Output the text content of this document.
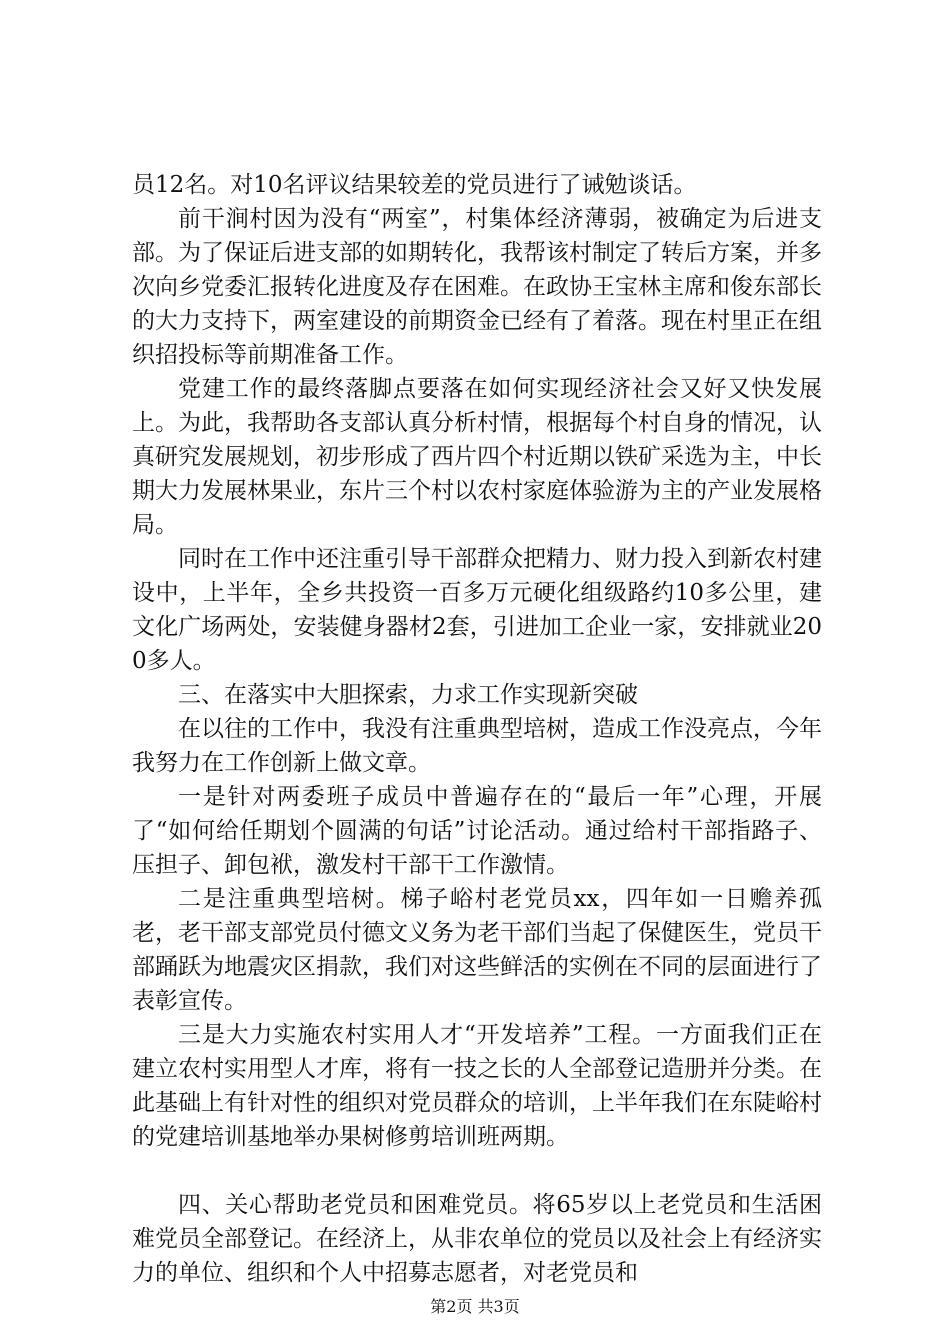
员12名。对10名评议结果较差的党员进行了诫勉谈话。

前干涧村因为没有“两室”，村集体经济薄弱，被确定为后进支部。为了保证后进支部的如期转化，我帮该村制定了转后方案，并多次向乡党委汇报转化进度及存在困难。在政协王宝林主席和俊东部长的大力支持下，两室建设的前期资金已经有了着落。现在村里正在组织招投标等前期准备工作。

党建工作的最终落脚点要落在如何实现经济社会又好又快发展上。为此，我帮助各支部认真分析村情，根据每个村自身的情况，认真研究发展规划，初步形成了西片四个村近期以铁矿采选为主，中长期大力发展林果业，东片三个村以农村家庭体验游为主的产业发展格局。

同时在工作中还注重引导干部群众把精力、财力投入到新农村建设中，上半年，全乡共投资一百多万元硬化组级路约10多公里，建文化广场两处，安装健身器材2套，引进加工企业一家，安排就业200多人。

三、在落实中大胆探索，力求工作实现新突破

在以往的工作中，我没有注重典型培树，造成工作没亮点，今年我努力在工作创新上做文章。

一是针对两委班子成员中普遍存在的“最后一年”心理，开展了“如何给任期划个圆满的句话”讨论活动。通过给村干部指路子、压担子、卸包袱，激发村干部干工作激情。

二是注重典型培树。梯子峪村老党员xx，四年如一日赡养孤老，老干部支部党员付德文义务为老干部们当起了保健医生，党员干部踊跃为地震灾区捐款，我们对这些鲜活的实例在不同的层面进行了表彰宣传。

三是大力实施农村实用人才“开发培养”工程。一方面我们正在建立农村实用型人才库，将有一技之长的人全部登记造册并分类。在此基础上有针对性的组织对党员群众的培训，上半年我们在东陡峪村的党建培训基地举办果树修剪培训班两期。

四、关心帮助老党员和困难党员。将65岁以上老党员和生活困难党员全部登记。在经济上，从非农单位的党员以及社会上有经济实力的单位、组织和个人中招募志愿者，对老党员和

第2页 共3页
